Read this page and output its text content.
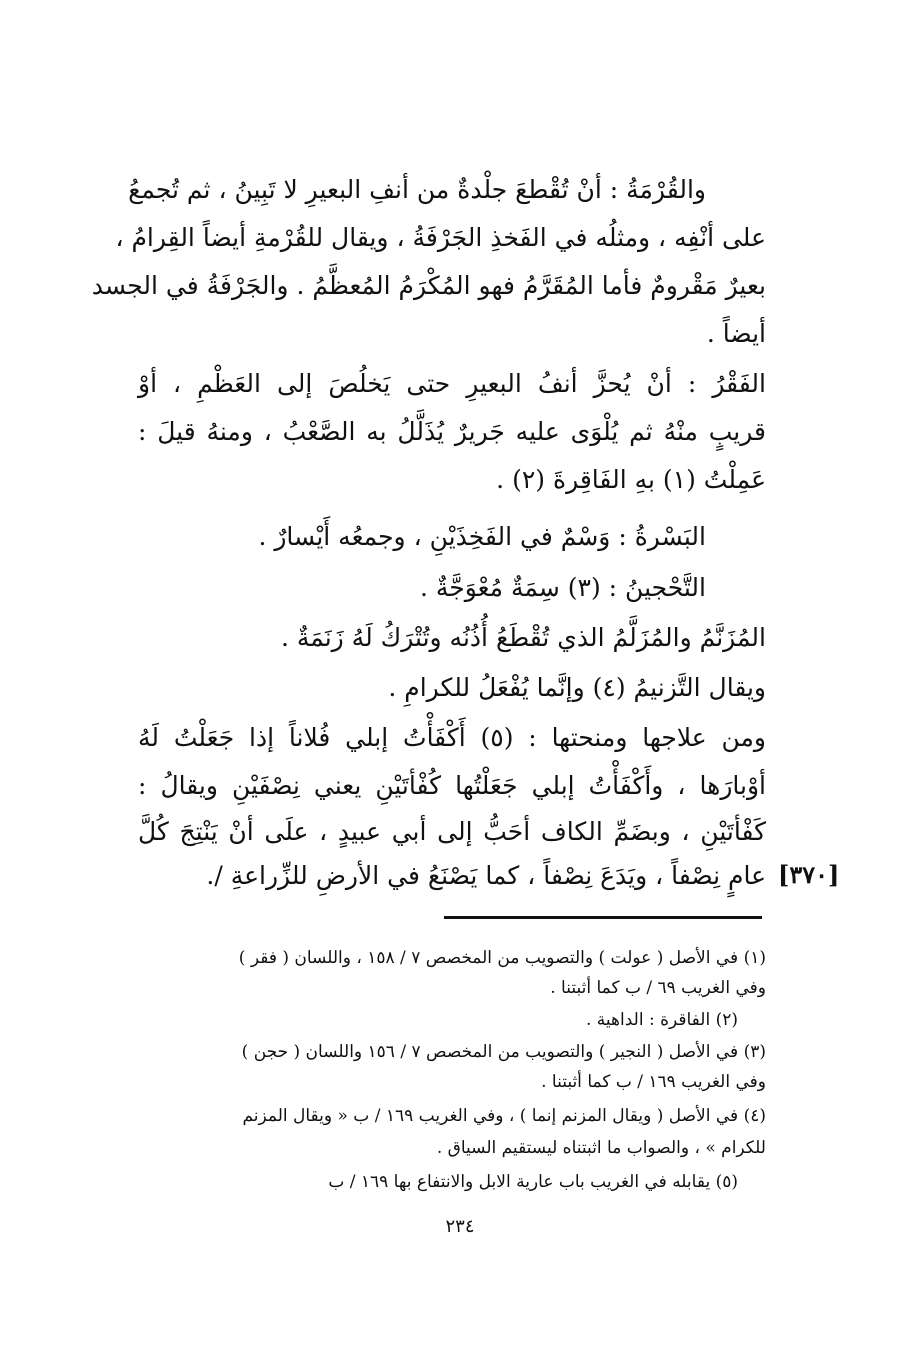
والقُرْمَةُ : أنْ تُقْطعَ جلْدةٌ من أنفِ البعيرِ لا تَبِينُ ، ثم تُجمعُ
على أنْفِه ، ومثلُه في الفَخذِ الجَرْفَةُ ، ويقال للقُرْمةِ أيضاً القِرامُ ،
بعيرٌ مَقْرومٌ فأما المُقَرَّمُ فهو المُكْرَمُ المُعظَّمُ . والجَرْفَةُ في الجسد
أيضاً .
الفَقْرُ : أنْ يُحزَّ أنفُ البعيرِ حتى يَخلُصَ إلى العَظْمِ ، أوْ
قريبٍ منْهُ ثم يُلْوَى عليه جَريرٌ يُذَلَّلُ به الصَّعْبُ ، ومنهُ قيلَ :
عَمِلْتُ (١) بهِ الفَاقِرةَ (٢) .
البَسْرةُ : وَسْمٌ في الفَخِذَيْنِ ، وجمعُه أَيْسارٌ .
التَّحْجينُ : (٣) سِمَةٌ مُعْوَجَّةٌ .
المُزَنَّمُ والمُزَلَّمُ الذي تُقْطَعُ أُذُنُه وتُتْرَكُ لَهُ زَنَمَةٌ .
ويقال التَّزنيمُ (٤) وإنَّما يُفْعَلُ للكرامِ .
ومن علاجها ومنحتها : (٥) أَكْفَأْتُ إبلي فُلاناً إذا جَعَلْتُ لَهُ
أوْبارَها ، وأَكْفَأْتُ إبلي جَعَلْتُها كُفْأتَيْنِ يعني نِصْفَيْنِ ويقالُ :
كَفْأتَيْنِ ، وبضَمِّ الكاف أحَبُّ إلى أبي عبيدٍ ، علَى أنْ يَنْتِجَ كُلَّ
عامٍ نِصْفاً ، ويَدَعَ نِصْفاً ، كما يَصْنَعُ في الأرضِ للزِّراعةِ /. [٣٧٠]
(١) في الأصل ( عولت ) والتصويب من المخصص ٧ / ١٥٨ ، واللسان ( فقر )
وفي الغريب ٦٩ / ب كما أثبتنا .
(٢) الفاقرة : الداهية .
(٣) في الأصل ( النجير ) والتصويب من المخصص ٧ / ١٥٦ واللسان ( حجن )
وفي الغريب ١٦٩ / ب كما أثبتنا .
(٤) في الأصل ( ويقال المزنم إنما ) ، وفي الغريب ١٦٩ / ب « ويقال المزنم
للكرام » ، والصواب ما اثبتناه ليستقيم السياق .
(٥) يقابله في الغريب باب عارية الابل والانتفاع بها ١٦٩ / ب
٢٣٤
